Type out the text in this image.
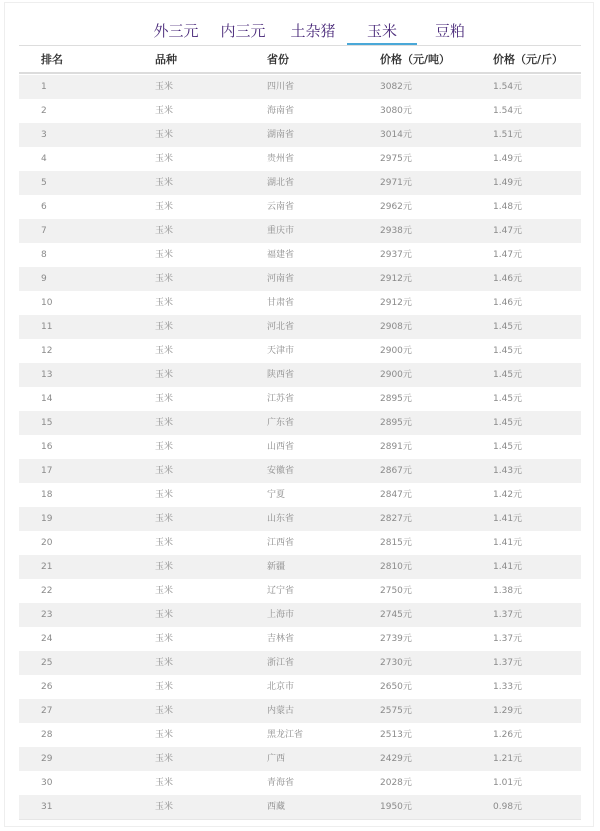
外三元	内三元	土杂猪	玉米	豆粕
排名	品种	省份	价格（元/吨）	价格（元/斤）
1	玉米	四川省	3082元	1.54元
2	玉米	海南省	3080元	1.54元
3	玉米	湖南省	3014元	1.51元
4	玉米	贵州省	2975元	1.49元
5	玉米	湖北省	2971元	1.49元
6	玉米	云南省	2962元	1.48元
7	玉米	重庆市	2938元	1.47元
8	玉米	福建省	2937元	1.47元
9	玉米	河南省	2912元	1.46元
10	玉米	甘肃省	2912元	1.46元
11	玉米	河北省	2908元	1.45元
12	玉米	天津市	2900元	1.45元
13	玉米	陕西省	2900元	1.45元
14	玉米	江苏省	2895元	1.45元
15	玉米	广东省	2895元	1.45元
16	玉米	山西省	2891元	1.45元
17	玉米	安徽省	2867元	1.43元
18	玉米	宁夏	2847元	1.42元
19	玉米	山东省	2827元	1.41元
20	玉米	江西省	2815元	1.41元
21	玉米	新疆	2810元	1.41元
22	玉米	辽宁省	2750元	1.38元
23	玉米	上海市	2745元	1.37元
24	玉米	吉林省	2739元	1.37元
25	玉米	浙江省	2730元	1.37元
26	玉米	北京市	2650元	1.33元
27	玉米	内蒙古	2575元	1.29元
28	玉米	黑龙江省	2513元	1.26元
29	玉米	广西	2429元	1.21元
30	玉米	青海省	2028元	1.01元
31	玉米	西藏	1950元	0.98元
